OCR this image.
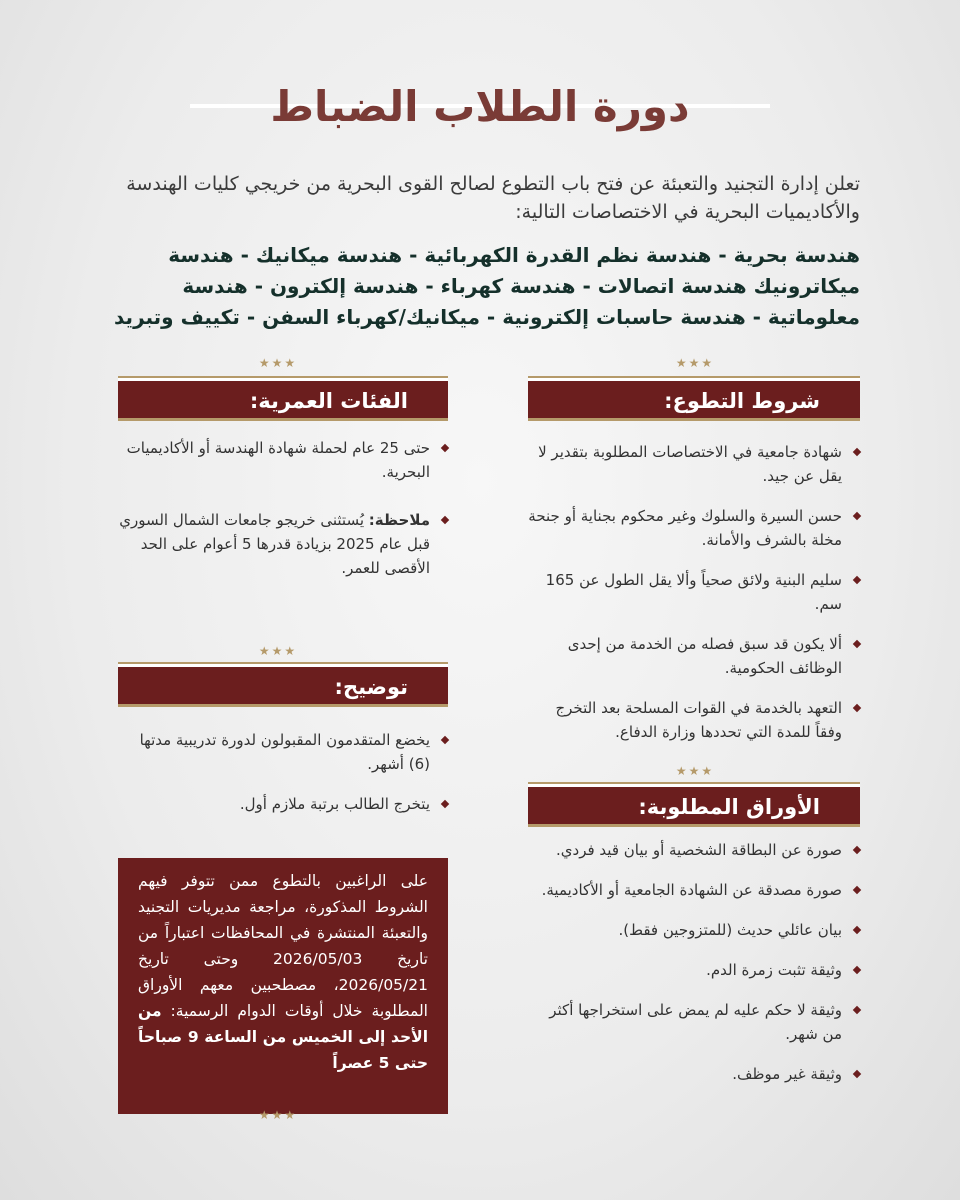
دورة الطلاب الضباط
تعلن إدارة التجنيد والتعبئة عن فتح باب التطوع لصالح القوى البحرية من خريجي كليات الهندسة والأكاديميات البحرية في الاختصاصات التالية:
هندسة بحرية - هندسة نظم القدرة الكهربائية - هندسة ميكانيك - هندسة ميكاترونيك هندسة اتصالات - هندسة كهرباء - هندسة إلكترون - هندسة معلوماتية - هندسة حاسبات إلكترونية - ميكانيك/كهرباء السفن - تكييف وتبريد
★★★
شروط التطوع:
شهادة جامعية في الاختصاصات المطلوبة بتقدير لا يقل عن جيد.
حسن السيرة والسلوك وغير محكوم بجناية أو جنحة مخلة بالشرف والأمانة.
سليم البنية ولائق صحياً وألا يقل الطول عن 165 سم.
ألا يكون قد سبق فصله من الخدمة من إحدى الوظائف الحكومية.
التعهد بالخدمة في القوات المسلحة بعد التخرج وفقاً للمدة التي تحددها وزارة الدفاع.
★★★
الأوراق المطلوبة:
صورة عن البطاقة الشخصية أو بيان قيد فردي.
صورة مصدقة عن الشهادة الجامعية أو الأكاديمية.
بيان عائلي حديث (للمتزوجين فقط).
وثيقة تثبت زمرة الدم.
وثيقة لا حكم عليه لم يمض على استخراجها أكثر من شهر.
وثيقة غير موظف.
★★★
الفئات العمرية:
حتى 25 عام لحملة شهادة الهندسة أو الأكاديميات البحرية.
ملاحظة: يُستثنى خريجو جامعات الشمال السوري قبل عام 2025 بزيادة قدرها 5 أعوام على الحد الأقصى للعمر.
★★★
توضيح:
يخضع المتقدمون المقبولون لدورة تدريبية مدتها (6) أشهر.
يتخرج الطالب برتبة ملازم أول.
على الراغبين بالتطوع ممن تتوفر فيهم الشروط المذكورة، مراجعة مديريات التجنيد والتعبئة المنتشرة في المحافظات اعتباراً من تاريخ 2026/05/03 وحتى تاريخ 2026/05/21، مصطحبين معهم الأوراق المطلوبة خلال أوقات الدوام الرسمية: من الأحد إلى الخميس من الساعة 9 صباحاً حتى 5 عصراً
★★★
